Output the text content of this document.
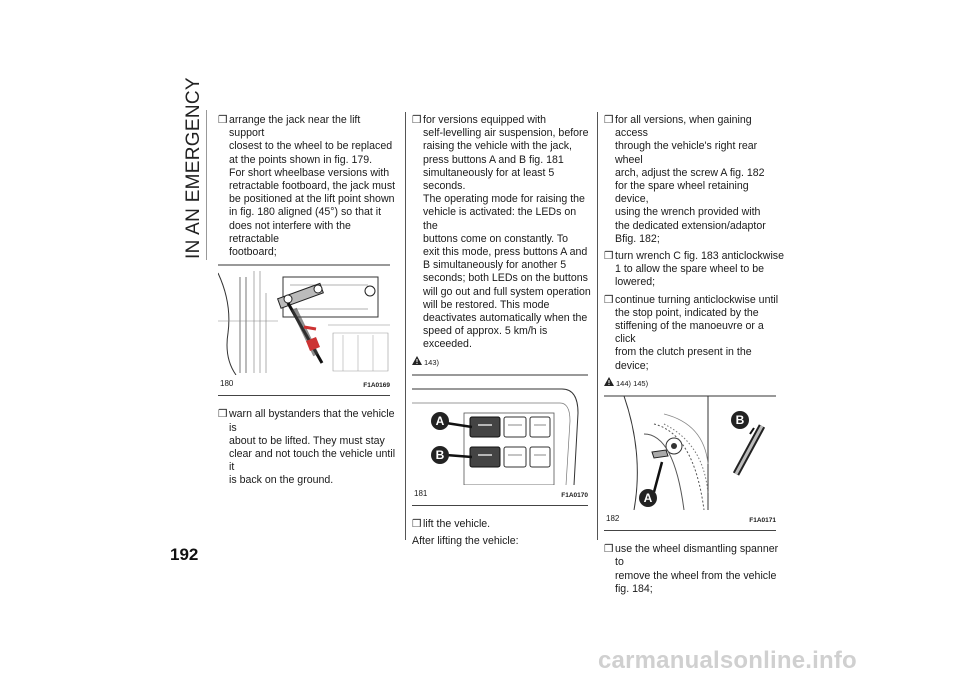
IN AN EMERGENCY
192
❒ arrange the jack near the lift support
closest to the wheel to be replaced
at the points shown in fig. 179.
For short wheelbase versions with
retractable footboard, the jack must
be positioned at the lift point shown
in fig. 180 aligned (45°) so that it
does not interfere with the retractable
footboard;
180	F1A0169
❒ warn all bystanders that the vehicle is
about to be lifted. They must stay
clear and not touch the vehicle until it
is back on the ground.
❒ for versions equipped with
self-levelling air suspension, before
raising the vehicle with the jack,
press buttons A and B fig. 181
simultaneously for at least 5 seconds.
The operating mode for raising the
vehicle is activated: the LEDs on the
buttons come on constantly. To
exit this mode, press buttons A and
B simultaneously for another 5
seconds; both LEDs on the buttons
will go out and full system operation
will be restored. This mode
deactivates automatically when the
speed of approx. 5 km/h is
exceeded.
143)
A
B
181	F1A0170
❒ lift the vehicle.

After lifting the vehicle:

❒ for all versions, when gaining access
through the vehicle's right rear wheel
arch, adjust the screw A fig. 182
for the spare wheel retaining device,
using the wrench provided with
the dedicated extension/adaptor
Bfig. 182;
❒ turn wrench C fig. 183 anticlockwise
1 to allow the spare wheel to be
lowered;
❒ continue turning anticlockwise until
the stop point, indicated by the
stiffening of the manoeuvre or a click
from the clutch present in the device;
144) 145)
A
B
182	F1A0171
❒ use the wheel dismantling spanner to
remove the wheel from the vehicle
fig. 184;
carmanualsonline.info
